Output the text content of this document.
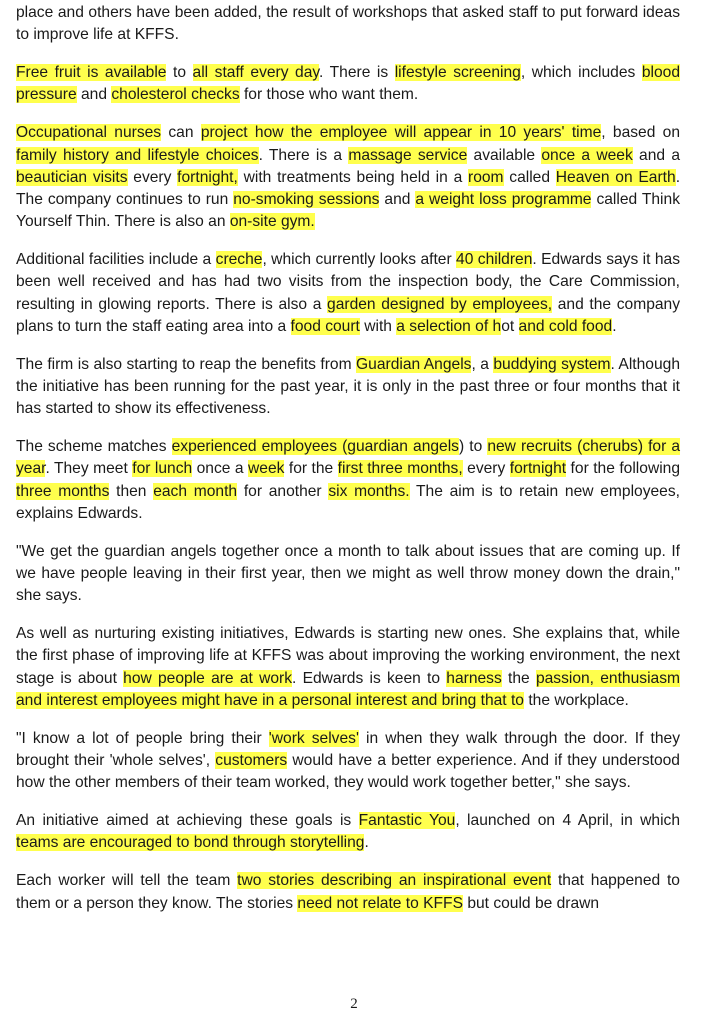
place and others have been added, the result of workshops that asked staff to put forward ideas to improve life at KFFS.

Free fruit is available to all staff every day. There is lifestyle screening, which includes blood pressure and cholesterol checks for those who want them.

Occupational nurses can project how the employee will appear in 10 years' time, based on family history and lifestyle choices. There is a massage service available once a week and a beautician visits every fortnight, with treatments being held in a room called Heaven on Earth. The company continues to run no-smoking sessions and a weight loss programme called Think Yourself Thin. There is also an on-site gym.

Additional facilities include a creche, which currently looks after 40 children. Edwards says it has been well received and has had two visits from the inspection body, the Care Commission, resulting in glowing reports. There is also a garden designed by employees, and the company plans to turn the staff eating area into a food court with a selection of hot and cold food.

The firm is also starting to reap the benefits from Guardian Angels, a buddying system. Although the initiative has been running for the past year, it is only in the past three or four months that it has started to show its effectiveness.

The scheme matches experienced employees (guardian angels) to new recruits (cherubs) for a year. They meet for lunch once a week for the first three months, every fortnight for the following three months then each month for another six months. The aim is to retain new employees, explains Edwards.

"We get the guardian angels together once a month to talk about issues that are coming up. If we have people leaving in their first year, then we might as well throw money down the drain," she says.

As well as nurturing existing initiatives, Edwards is starting new ones. She explains that, while the first phase of improving life at KFFS was about improving the working environment, the next stage is about how people are at work. Edwards is keen to harness the passion, enthusiasm and interest employees might have in a personal interest and bring that to the workplace.

"I know a lot of people bring their 'work selves' in when they walk through the door. If they brought their 'whole selves', customers would have a better experience. And if they understood how the other members of their team worked, they would work together better," she says.

An initiative aimed at achieving these goals is Fantastic You, launched on 4 April, in which teams are encouraged to bond through storytelling.

Each worker will tell the team two stories describing an inspirational event that happened to them or a person they know. The stories need not relate to KFFS but could be drawn

2
